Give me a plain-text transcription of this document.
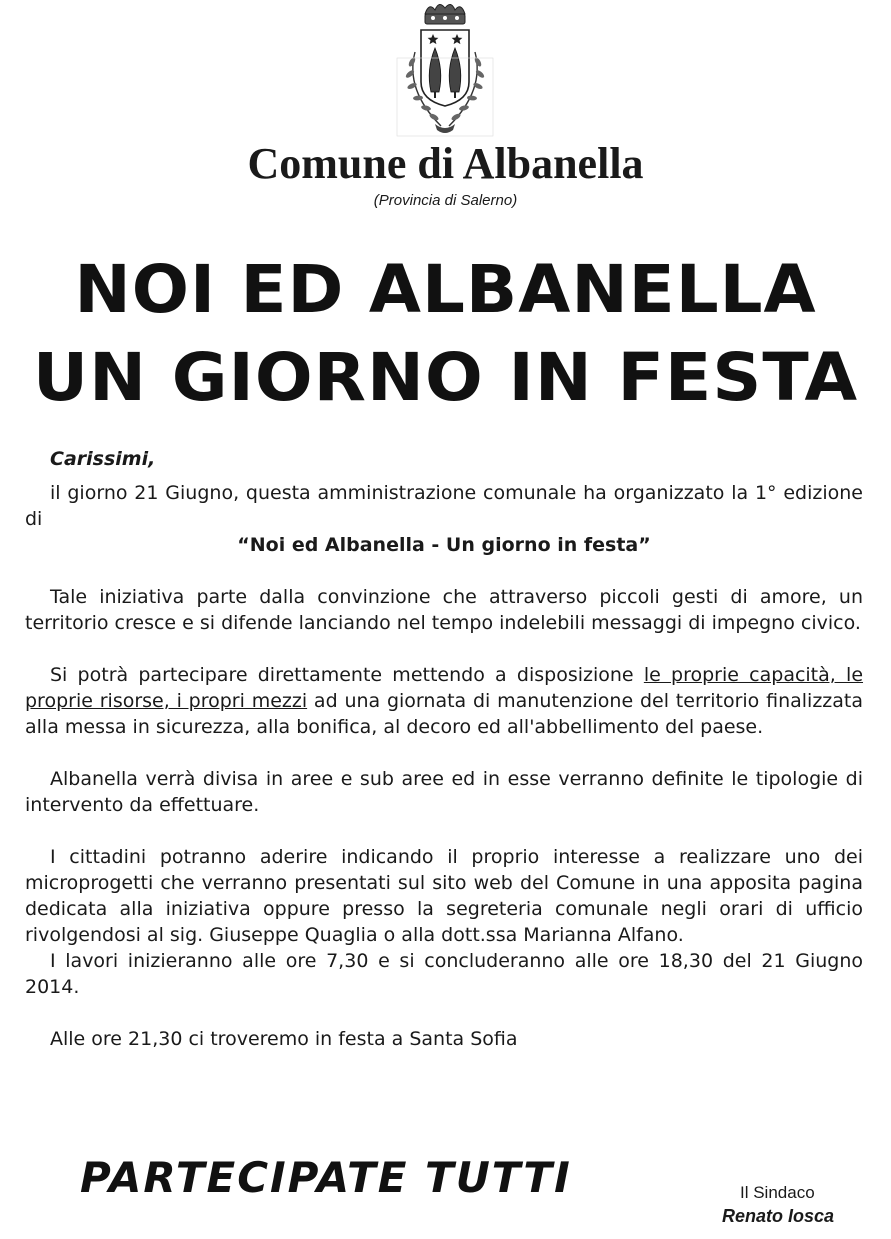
Comune di Albanella
(Provincia di Salerno)
NOI ED ALBANELLA
UN GIORNO IN FESTA

Carissimi,

il giorno 21 Giugno, questa amministrazione comunale ha organizzato la 1° edizione di

“Noi ed Albanella - Un giorno in festa”

Tale iniziativa parte dalla convinzione che attraverso piccoli gesti di amore, un territorio cresce e si difende lanciando nel tempo indelebili messaggi di impegno civico.

Si potrà partecipare direttamente mettendo a disposizione le proprie capacità, le proprie risorse, i propri mezzi ad una giornata di manutenzione del territorio finalizzata alla messa in sicurezza, alla bonifica, al decoro ed all'abbellimento del paese.

Albanella verrà divisa in aree e sub aree ed in esse verranno definite le tipologie di intervento da effettuare.

I cittadini potranno aderire indicando il proprio interesse a realizzare uno dei microprogetti che verranno presentati sul sito web del Comune in una apposita pagina dedicata alla iniziativa oppure presso la segreteria comunale negli orari di ufficio rivolgendosi al sig. Giuseppe Quaglia o alla dott.ssa Marianna Alfano.

I lavori inizieranno alle ore 7,30 e si concluderanno alle ore 18,30 del 21 Giugno 2014.

Alle ore 21,30 ci troveremo in festa a Santa Sofia

PARTECIPATE TUTTI	Il Sindaco
Renato Iosca
